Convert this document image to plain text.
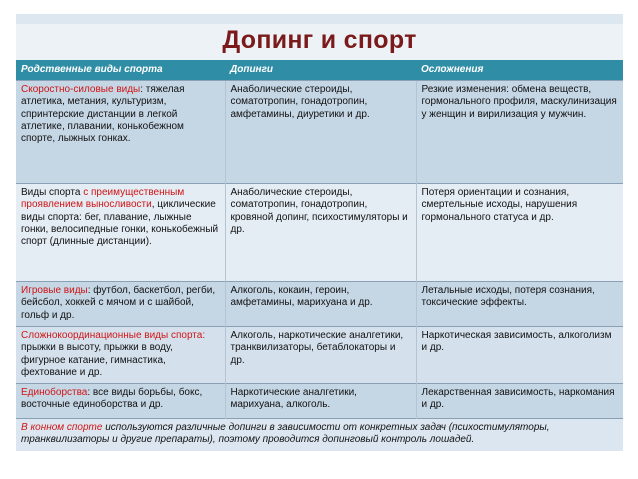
Допинг и спорт
Родственные виды спорта	Допинги	Осложнения
Скоростно-силовые виды: тяжелая атлетика, метания, культуризм, спринтерские дистанции в легкой атлетике, плавании, конькобежном спорте, лыжных гонках.	Анаболические стероиды, соматотропин, гонадотропин, амфетамины, диуретики и др.	Резкие изменения: обмена веществ, гормонального профиля, маскулинизация у женщин и вирилизация у мужчин.
Виды спорта с преимущественным проявлением выносливости, циклические виды спорта: бег, плавание, лыжные гонки, велосипедные гонки, конькобежный спорт (длинные дистанции).	Анаболические стероиды, соматотропин, гонадотропин, кровяной допинг, психостимуляторы и др.	Потеря ориентации и сознания, смертельные исходы, нарушения гормонального статуса и др.
Игровые виды: футбол, баскетбол, регби, бейсбол, хоккей с мячом и с шайбой, гольф и др.	Алкоголь, кокаин, героин, амфетамины, марихуана и др.	Летальные исходы, потеря сознания, токсические эффекты.
Сложнокоординационные виды спорта: прыжки в высоту, прыжки в воду, фигурное катание, гимнастика, фехтование и др.	Алкоголь, наркотические аналгетики, транквилизаторы, бетаблокаторы и др.	Наркотическая зависимость, алкоголизм и др.
Единоборства: все виды борьбы, бокс, восточные единоборства и др.	Наркотические аналгетики, марихуана, алкоголь.	Лекарственная зависимость, наркомания и др.
В конном спорте используются различные допинги в зависимости от конкретных задач (психостимуляторы, транквилизаторы и другие препараты), поэтому проводится допинговый контроль лошадей.		
